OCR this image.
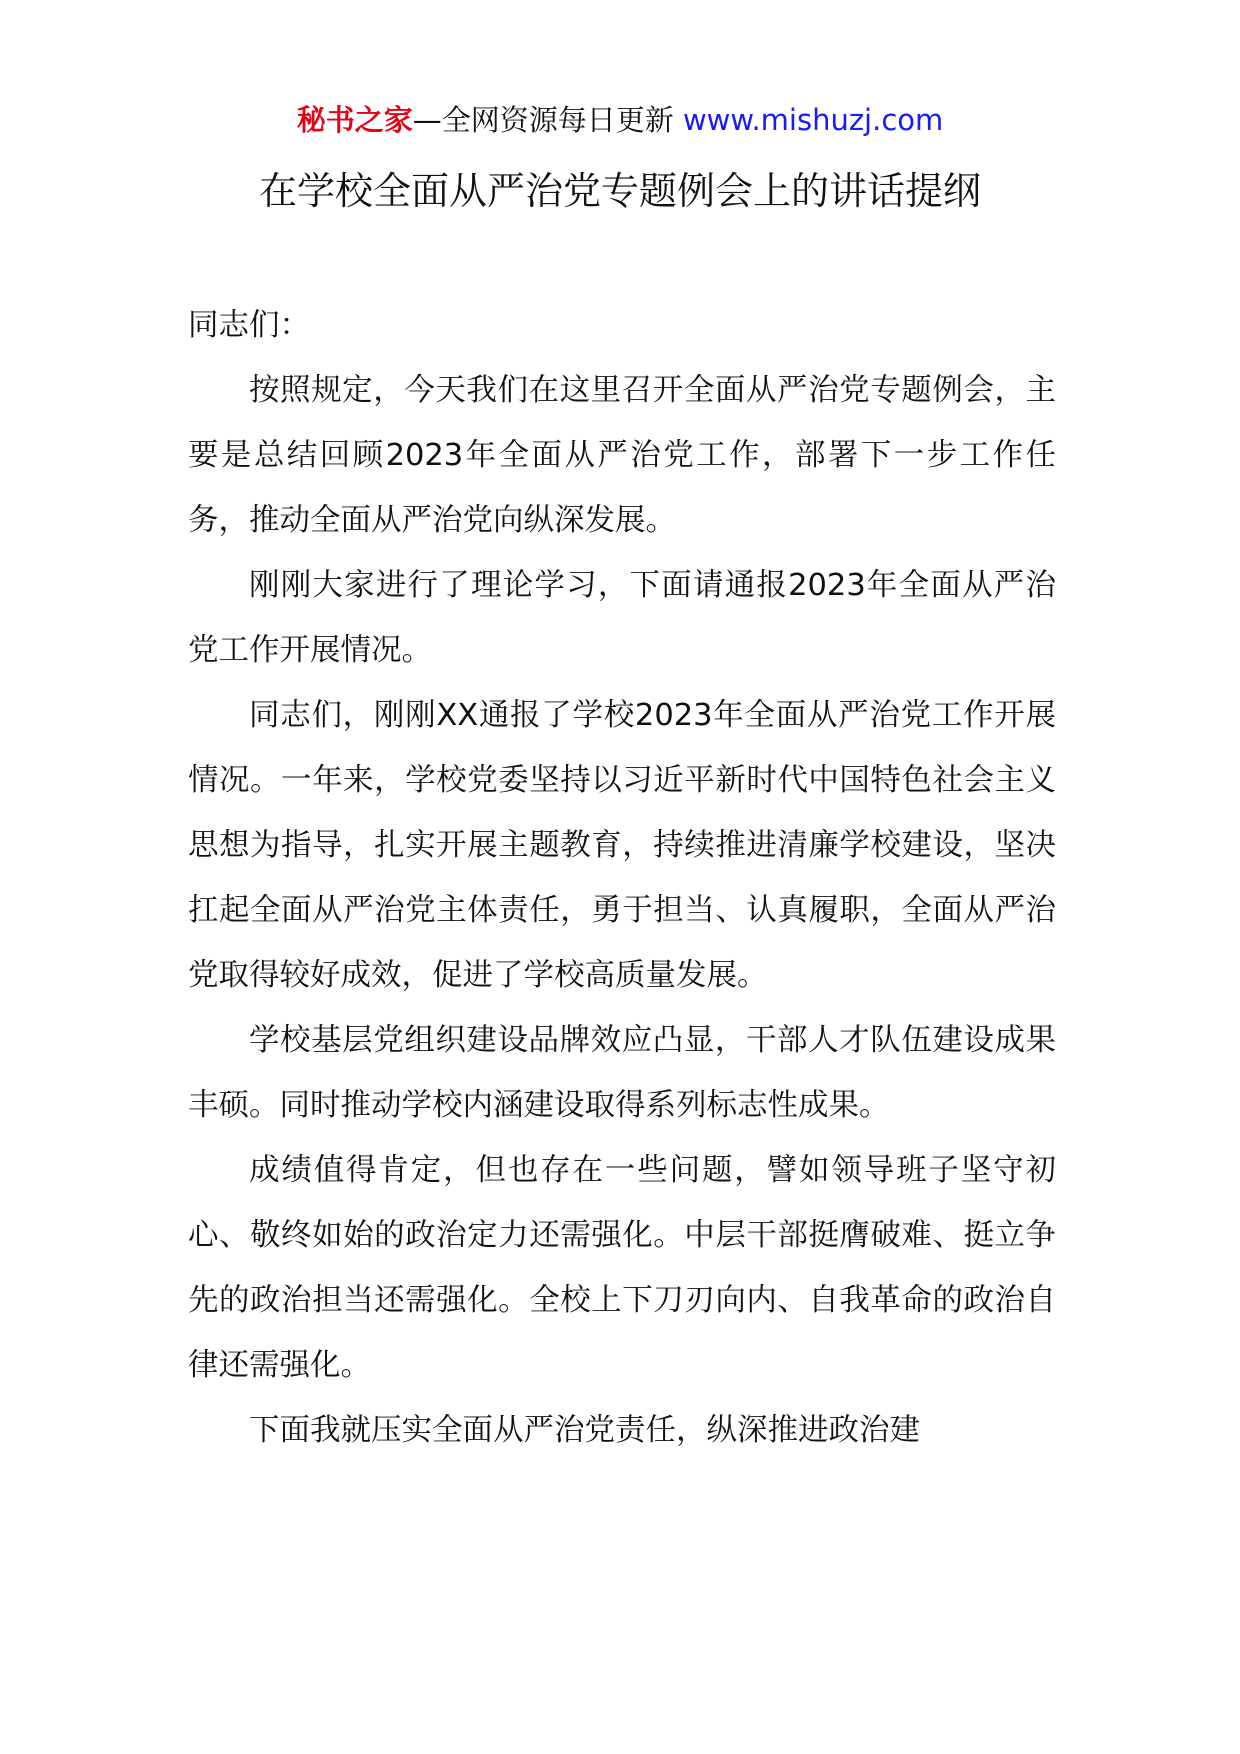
秘书之家—全网资源每日更新 www.mishuzj.com
在学校全面从严治党专题例会上的讲话提纲

同志们：

按照规定，今天我们在这里召开全面从严治党专题例会，主要是总结回顾2023年全面从严治党工作，部署下一步工作任务，推动全面从严治党向纵深发展。

刚刚大家进行了理论学习，下面请通报2023年全面从严治党工作开展情况。

同志们，刚刚XX通报了学校2023年全面从严治党工作开展情况。一年来，学校党委坚持以习近平新时代中国特色社会主义思想为指导，扎实开展主题教育，持续推进清廉学校建设，坚决扛起全面从严治党主体责任，勇于担当、认真履职，全面从严治党取得较好成效，促进了学校高质量发展。

学校基层党组织建设品牌效应凸显，干部人才队伍建设成果丰硕。同时推动学校内涵建设取得系列标志性成果。

成绩值得肯定，但也存在一些问题，譬如领导班子坚守初心、敬终如始的政治定力还需强化。中层干部挺膺破难、挺立争先的政治担当还需强化。全校上下刀刃向内、自我革命的政治自律还需强化。

下面我就压实全面从严治党责任，纵深推进政治建
